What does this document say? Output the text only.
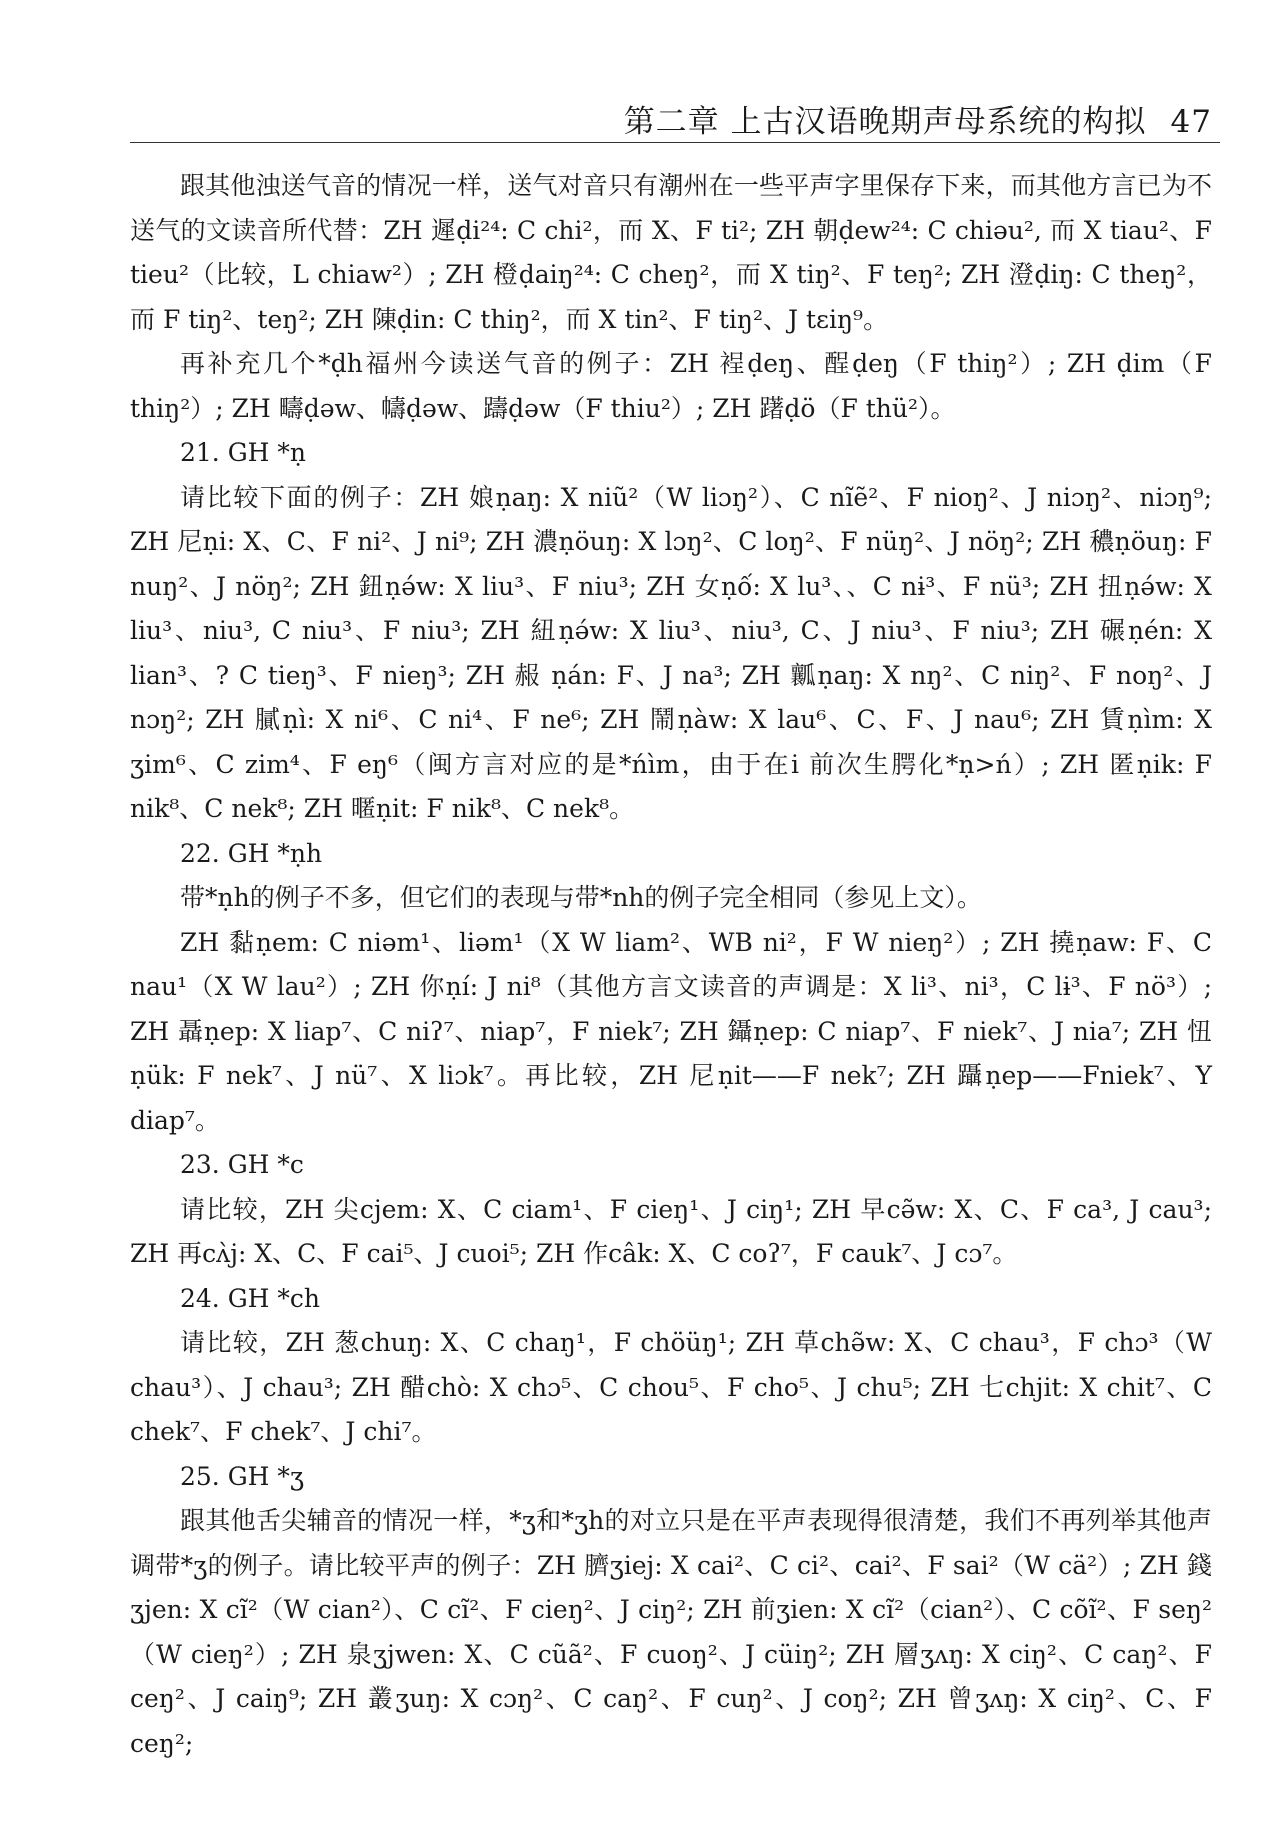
第二章 上古汉语晚期声母系统的构拟 47

跟其他浊送气音的情况一样，送气对音只有潮州在一些平声字里保存下来，而其他方言已为不送气的文读音所代替：ZH 遲ḍi²⁴: C chi²，而 X、F ti²; ZH 朝ḍew²⁴: C chiəu², 而 X tiau²、F tieu²（比较，L chiaw²）; ZH 橙ḍaiŋ²⁴: C cheŋ²，而 X tiŋ²、F teŋ²; ZH 澄ḍiŋ: C theŋ²，而 F tiŋ²、teŋ²; ZH 陳ḍin: C thiŋ²，而 X tin²、F tiŋ²、J tεiŋ⁹。

再补充几个*ḍh福州今读送气音的例子：ZH 裎ḍeŋ、酲ḍeŋ（F thiŋ²）; ZH ḍim（F thiŋ²）; ZH 疇ḍəw、幬ḍəw、躊ḍəw（F thiu²）; ZH 躇ḍö（F thü²）。

21. GH *ṇ

请比较下面的例子：ZH 娘ṇaŋ: X niũ²（W liɔŋ²）、C nĩẽ²、F nioŋ²、J niɔŋ²、niɔŋ⁹; ZH 尼ṇi: X、C、F ni²、J ni⁹; ZH 濃ṇöuŋ: X lɔŋ²、C loŋ²、F nüŋ²、J nöŋ²; ZH 穠ṇöuŋ: F nuŋ²、J nöŋ²; ZH 鈕ṇə́w: X liu³、F niu³; ZH 女ṇố: X lu³、、C nɨ³、F nü³; ZH 扭ṇə́w: X liu³、niu³, C niu³、F niu³; ZH 紐ṇə́w: X liu³、niu³, C、J niu³、F niu³; ZH 碾ṇén: X lian³、? C tieŋ³、F nieŋ³; ZH 赧 ṇán: F、J na³; ZH 瓤ṇaŋ: X nŋ²、C niŋ²、F noŋ²、J nɔŋ²; ZH 膩ṇì: X ni⁶、C ni⁴、F ne⁶; ZH 鬧ṇàw: X lau⁶、C、F、J nau⁶; ZH 賃ṇìm: X ʒim⁶、C zim⁴、F eŋ⁶（闽方言对应的是*ńìm，由于在i 前次生腭化*ṇ>ń）; ZH 匿ṇik: F nik⁸、C nek⁸; ZH 暱ṇit: F nik⁸、C nek⁸。

22. GH *ṇh

带*ṇh的例子不多，但它们的表现与带*nh的例子完全相同（参见上文）。

ZH 黏ṇem: C niəm¹、liəm¹（X W liam²、WB ni²，F W nieŋ²）; ZH 撓ṇaw: F、C nau¹（X W lau²）; ZH 你ṇí: J ni⁸（其他方言文读音的声调是：X li³、ni³，C lɨ³、F nö³）; ZH 聶ṇep: X liap⁷、C niʔ⁷、niap⁷，F niek⁷; ZH 鑷ṇep: C niap⁷、F niek⁷、J nia⁷; ZH 忸ṇük: F nek⁷、J nü⁷、X liɔk⁷。再比较，ZH 尼ṇit——F nek⁷; ZH 躡ṇep——Fniek⁷、Y diap⁷。

23. GH *c

请比较，ZH 尖cjem: X、C ciam¹、F cieŋ¹、J ciŋ¹; ZH 早cə̃w: X、C、F ca³, J cau³; ZH 再cʌ̀j: X、C、F cai⁵、J cuoi⁵; ZH 作câk: X、C coʔ⁷，F cauk⁷、J cɔ⁷。

24. GH *ch

请比较，ZH 葱chuŋ: X、C chaŋ¹，F chöüŋ¹; ZH 草chə̃w: X、C chau³，F chɔ³（W chau³）、J chau³; ZH 醋chò: X chɔ⁵、C chou⁵、F cho⁵、J chu⁵; ZH 七chjit: X chit⁷、C chek⁷、F chek⁷、J chi⁷。

25. GH *ʒ

跟其他舌尖辅音的情况一样，*ʒ和*ʒh的对立只是在平声表现得很清楚，我们不再列举其他声调带*ʒ的例子。请比较平声的例子：ZH 臍ʒiej: X cai²、C ci²、cai²、F sai²（W cä²）; ZH 錢ʒjen: X cĩ²（W cian²）、C cĩ²、F cieŋ²、J ciŋ²; ZH 前ʒien: X cĩ²（cian²）、C cõĩ²、F seŋ²（W cieŋ²）; ZH 泉ʒjwen: X、C cũã²、F cuoŋ²、J cüiŋ²; ZH 層ʒʌŋ: X ciŋ²、C caŋ²、F ceŋ²、J caiŋ⁹; ZH 叢ʒuŋ: X cɔŋ²、C caŋ²、F cuŋ²、J coŋ²; ZH 曾ʒʌŋ: X ciŋ²、C、F ceŋ²;
